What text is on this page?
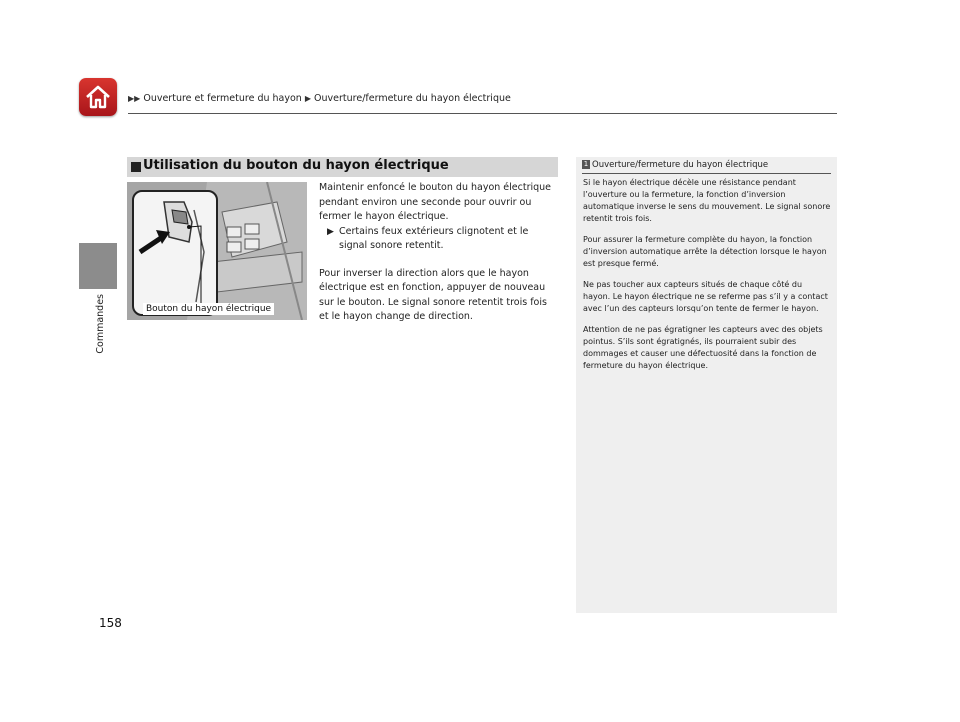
▶▶ Ouverture et fermeture du hayon ▶ Ouverture/fermeture du hayon électrique
Commandes
Utilisation du bouton du hayon électrique
Bouton du hayon électrique

Maintenir enfoncé le bouton du hayon électrique pendant environ une seconde pour ouvrir ou fermer le hayon électrique.

▶ Certains feux extérieurs clignotent et le signal sonore retentit.

Pour inverser la direction alors que le hayon électrique est en fonction, appuyer de nouveau sur le bouton. Le signal sonore retentit trois fois et le hayon change de direction.

1 Ouverture/fermeture du hayon électrique

Si le hayon électrique décèle une résistance pendant l’ouverture ou la fermeture, la fonction d’inversion automatique inverse le sens du mouvement. Le signal sonore retentit trois fois.

Pour assurer la fermeture complète du hayon, la fonction d’inversion automatique arrête la détection lorsque le hayon est presque fermé.

Ne pas toucher aux capteurs situés de chaque côté du hayon. Le hayon électrique ne se referme pas s’il y a contact avec l’un des capteurs lorsqu’on tente de fermer le hayon.

Attention de ne pas égratigner les capteurs avec des objets pointus. S’ils sont égratignés, ils pourraient subir des dommages et causer une défectuosité dans la fonction de fermeture du hayon électrique.

158
